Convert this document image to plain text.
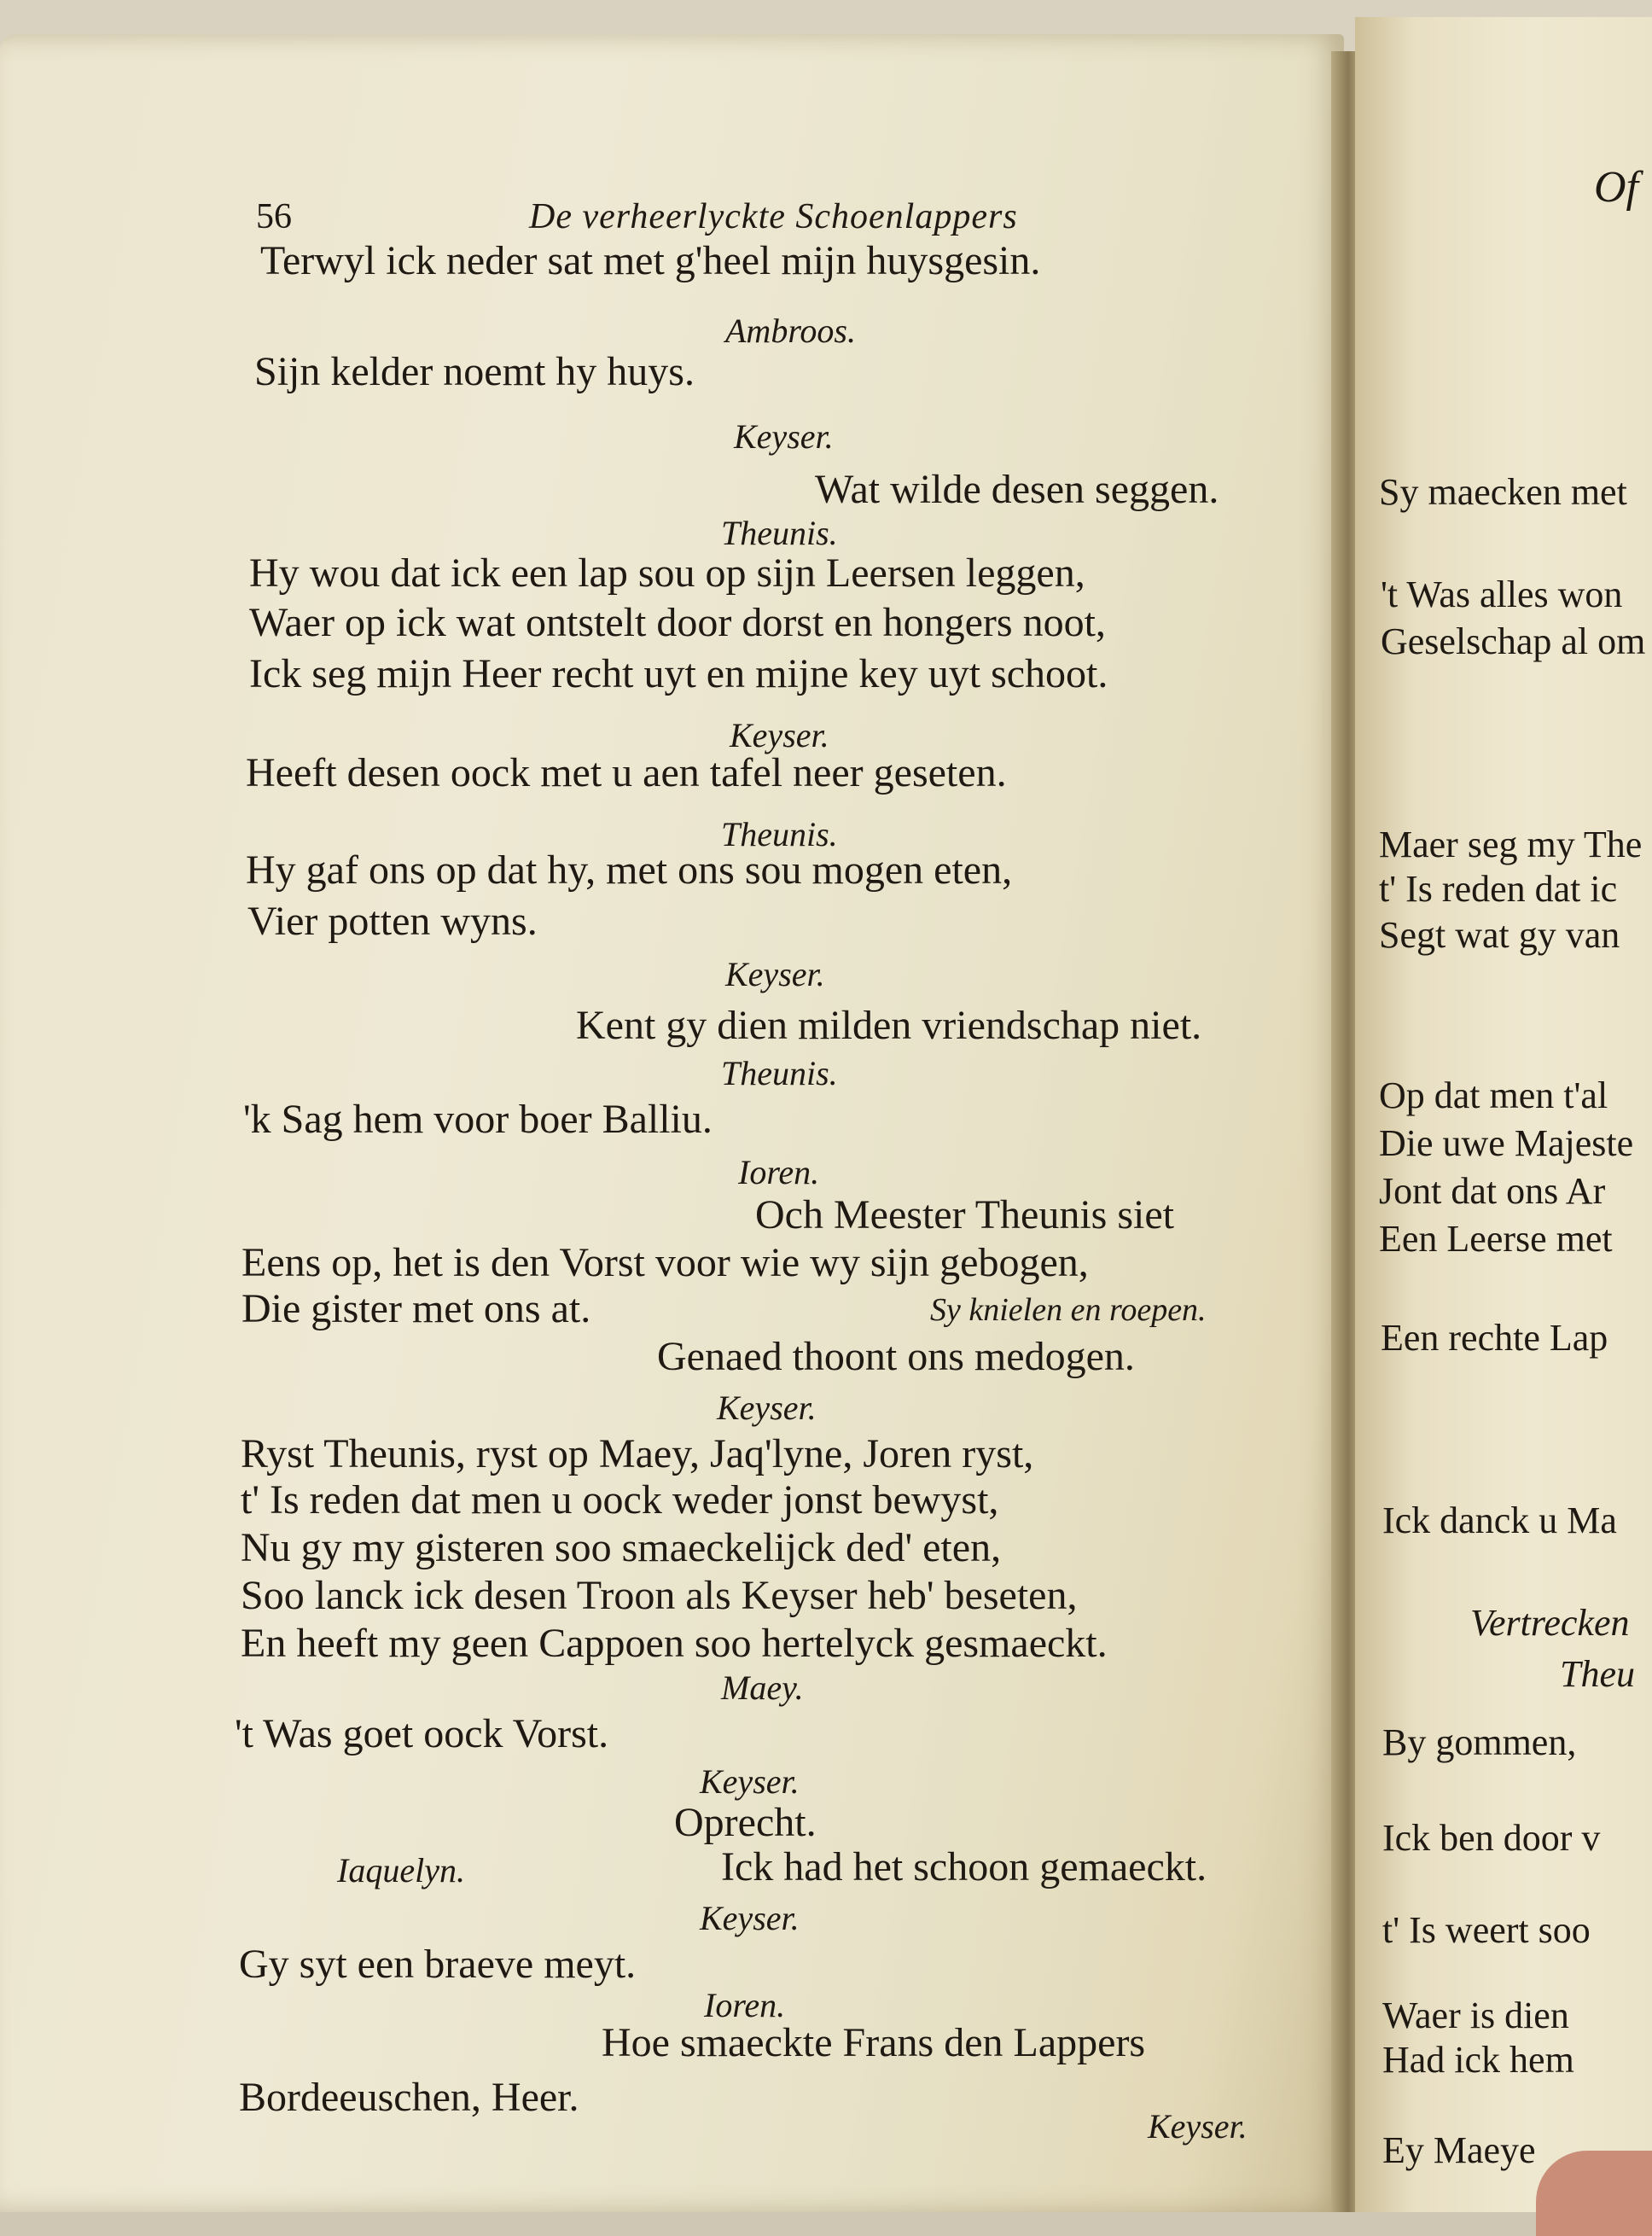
56	De verheerlyckte Schoenlappers
Terwyl ick neder sat met g'heel mijn huysgesin.
Ambroos.
Sijn kelder noemt hy huys.
Keyser.
Wat wilde desen seggen.
Theunis.
Hy wou dat ick een lap sou op sijn Leersen leggen,
Waer op ick wat ontstelt door dorst en hongers noot,
Ick seg mijn Heer recht uyt en mijne key uyt schoot.
Keyser.
Heeft desen oock met u aen tafel neer geseten.
Theunis.
Hy gaf ons op dat hy, met ons sou mogen eten,
Vier potten wyns.
Keyser.
Kent gy dien milden vriendschap niet.
Theunis.
'k Sag hem voor boer Balliu.
Ioren.
Och Meester Theunis siet
Eens op, het is den Vorst voor wie wy sijn gebogen,
Die gister met ons at.	Sy knielen en roepen.
Genaed thoont ons medogen.
Keyser.
Ryst Theunis, ryst op Maey, Jaq'lyne, Joren ryst,
t' Is reden dat men u oock weder jonst bewyst,
Nu gy my gisteren soo smaeckelijck ded' eten,
Soo lanck ick desen Troon als Keyser heb' beseten,
En heeft my geen Cappoen soo hertelyck gesmaeckt.
Maey.
't Was goet oock Vorst.
Keyser.
Oprecht.
Iaquelyn.	Ick had het schoon gemaeckt.
Keyser.
Gy syt een braeve meyt.
Ioren.
Hoe smaeckte Frans den Lappers
Bordeeuschen, Heer.
Keyser.
Of
Sy maecken met
't Was alles won
Geselschap al om
Maer seg my The
t' Is reden dat ic
Segt wat gy van
Op dat men t'al
Die uwe Majeste
Jont dat ons Ar
Een Leerse met
Een rechte Lap
Ick danck u Ma
Vertrecken
Theu
By gommen,
Ick ben door v
t' Is weert soo
Waer is dien
Had ick hem
Ey Maeye
